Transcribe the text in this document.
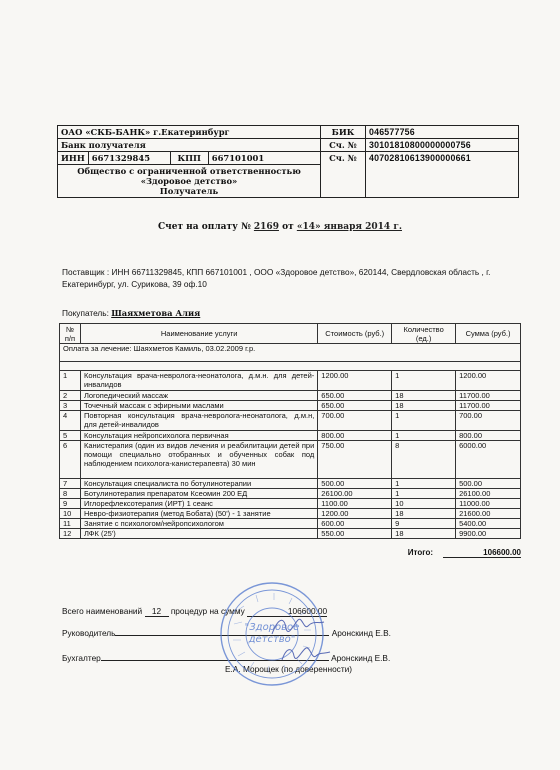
ОАО «СКБ-БАНК» г.Екатеринбург				БИК	046577756
Банк получателя				Сч. №	30101810800000000756
ИНН	6671329845	КПП	667101001	Сч. №	40702810613900000661

Общество с ограниченной ответственностью
«Здоровое детство»
Получатель					
Счет на оплату № 2169 от «14» января 2014 г.
Поставщик : ИНН 66711329845, КПП 667101001 , ООО «Здоровое детство», 620144, Свердловская область , г. Екатеринбург, ул. Сурикова, 39 оф.10
Покупатель: Шаяхметова Алия
№ п/п	Наименование услуги	Стоимость (руб.)	Количество (ед.)	Сумма (руб.)
Оплата за лечение: Шаяхметов Камиль, 03.02.2009 г.р.				

1	Консультация врача-невролога-неонатолога, д.м.н. для детей-инвалидов	1200.00	1	1200.00
2	Логопедический массаж	650.00	18	11700.00
3	Точечный массаж с эфирными маслами	650.00	18	11700.00
4	Повторная консультация врача-невролога-неонатолога, д.м.н, для детей-инвалидов	700.00	1	700.00
5	Консультация нейропсихолога первичная	800.00	1	800.00
6	Канистерапия (один из видов лечения и реабилитации детей при помощи специально отобранных и обученных собак под наблюдением психолога-канистерапевта) 30 мин	750.00	8	6000.00
7	Консультация специалиста по ботулинотерапии	500.00	1	500.00
8	Ботулинотерапия препаратом Ксеомин 200 ЕД	26100.00	1	26100.00
9	Иглорефлексотерапия (ИРТ) 1 сеанс	1100.00	10	11000.00
10	Невро-физиотерапия (метод Бобата) (50') - 1 занятие	1200.00	18	21600.00
11	Занятие с психологом/нейропсихологом	600.00	9	5400.00
12	ЛФК (25')	550.00	18	9900.00
Итого:	106600.00
Всего наименований 12 процедур на сумму	106600.00
Руководитель	Аронскинд Е.В.
Бухгалтер	Аронскинд Е.В.
Е.А. Морощек (по доверенности)
"Здоровое
детство"
